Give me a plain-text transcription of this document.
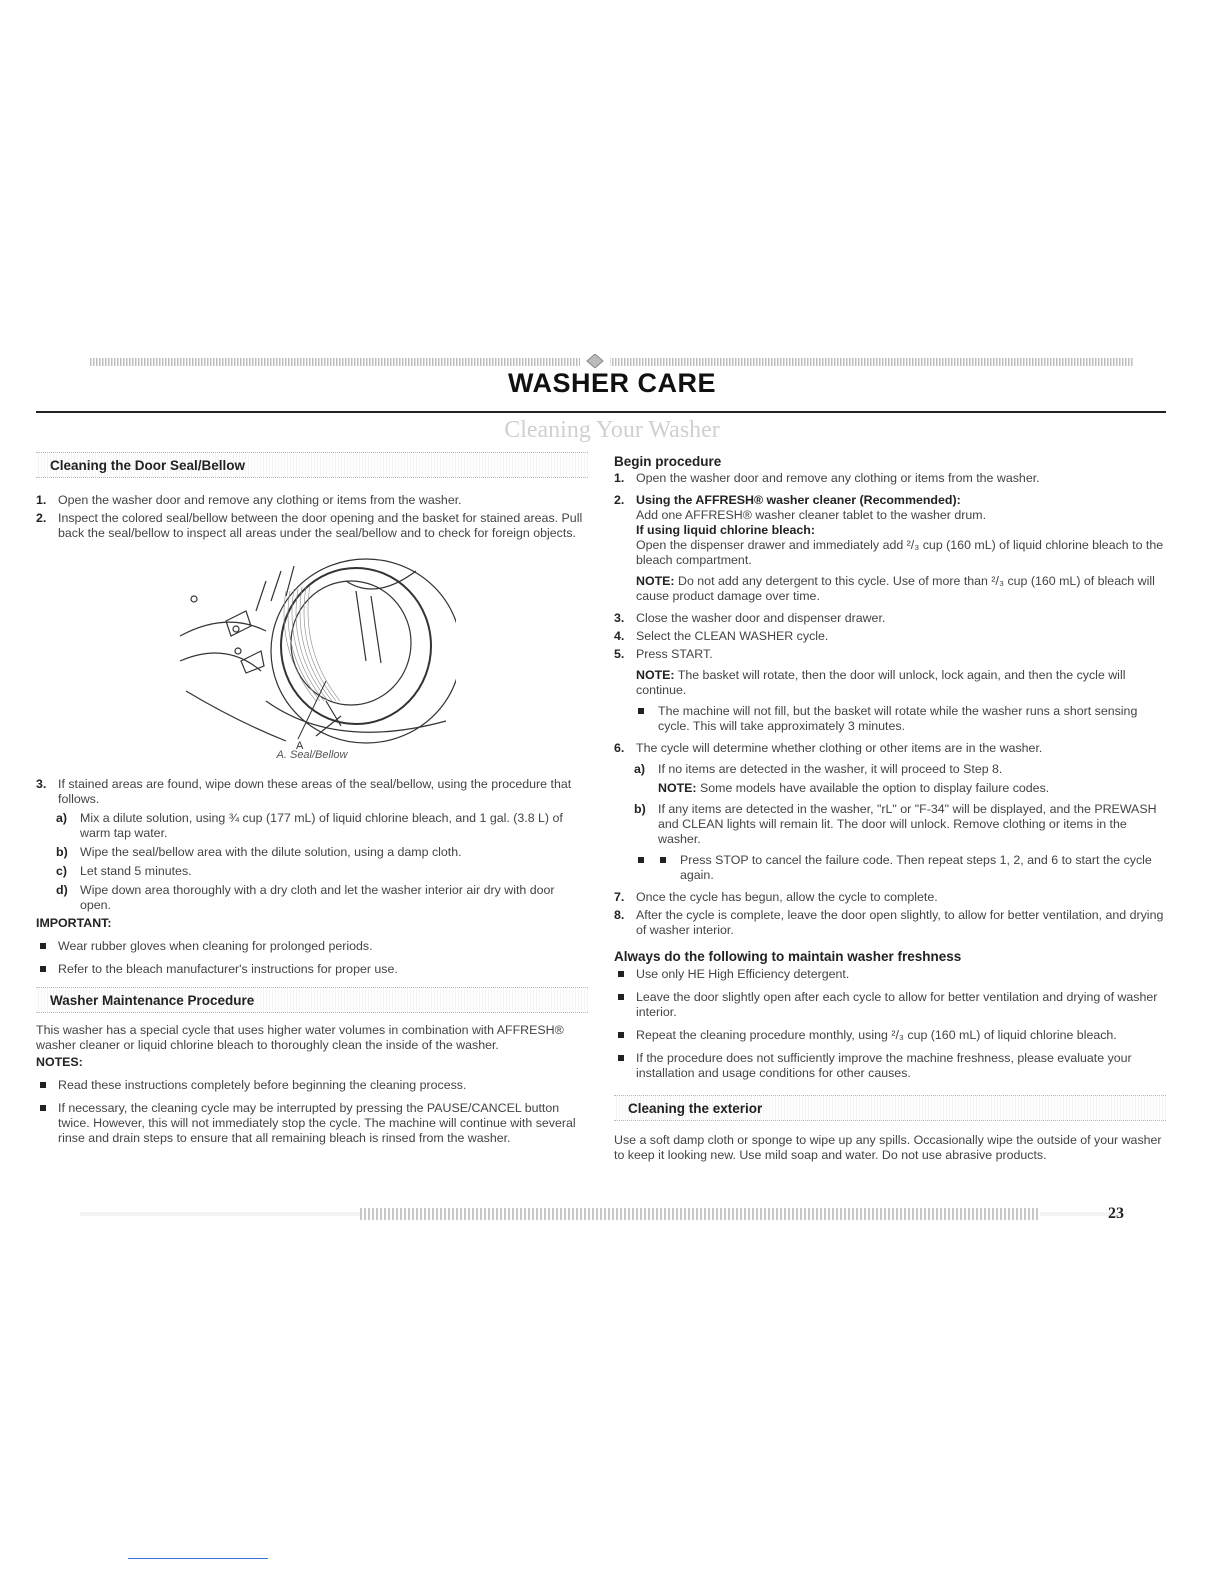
WASHER CARE
Cleaning Your Washer
Cleaning the Door Seal/Bellow
1. Open the washer door and remove any clothing or items from the washer.

2. Inspect the colored seal/bellow between the door opening and the basket for stained areas. Pull back the seal/bellow to inspect all areas under the seal/bellow and to check for foreign objects.

A
A. Seal/Bellow
3. If stained areas are found, wipe down these areas of the seal/bellow, using the procedure that follows.

a) Mix a dilute solution, using ¾ cup (177 mL) of liquid chlorine bleach, and 1 gal. (3.8 L) of warm tap water.

b) Wipe the seal/bellow area with the dilute solution, using a damp cloth.

c) Let stand 5 minutes.

d) Wipe down area thoroughly with a dry cloth and let the washer interior air dry with door open.

IMPORTANT:
Wear rubber gloves when cleaning for prolonged periods.
Refer to the bleach manufacturer's instructions for proper use.
Washer Maintenance Procedure

This washer has a special cycle that uses higher water volumes in combination with AFFRESH® washer cleaner or liquid chlorine bleach to thoroughly clean the inside of the washer.

NOTES:
Read these instructions completely before beginning the cleaning process.
If necessary, the cleaning cycle may be interrupted by pressing the PAUSE/CANCEL button twice. However, this will not immediately stop the cycle. The machine will continue with several rinse and drain steps to ensure that all remaining bleach is rinsed from the washer.
Begin procedure
1. Open the washer door and remove any clothing or items from the washer.

2. Using the AFFRESH® washer cleaner (Recommended):

Add one AFFRESH® washer cleaner tablet to the washer drum.

If using liquid chlorine bleach:

Open the dispenser drawer and immediately add ²/₃ cup (160 mL) of liquid chlorine bleach to the bleach compartment.

NOTE: Do not add any detergent to this cycle. Use of more than ²/₃ cup (160 mL) of bleach will cause product damage over time.

3. Close the washer door and dispenser drawer.

4. Select the CLEAN WASHER cycle.

5. Press START.

NOTE: The basket will rotate, then the door will unlock, lock again, and then the cycle will continue.

The machine will not fill, but the basket will rotate while the washer runs a short sensing cycle. This will take approximately 3 minutes.
6. The cycle will determine whether clothing or other items are in the washer.

a) If no items are detected in the washer, it will proceed to Step 8.

NOTE: Some models have available the option to display failure codes.

b) If any items are detected in the washer, "rL" or "F-34" will be displayed, and the PREWASH and CLEAN lights will remain lit. The door will unlock. Remove clothing or items in the washer.

Press STOP to cancel the failure code. Then repeat steps 1, 2, and 6 to start the cycle again.

7. Once the cycle has begun, allow the cycle to complete.

8. After the cycle is complete, leave the door open slightly, to allow for better ventilation, and drying of washer interior.

Always do the following to maintain washer freshness
Use only HE High Efficiency detergent.
Leave the door slightly open after each cycle to allow for better ventilation and drying of washer interior.
Repeat the cleaning procedure monthly, using ²/₃ cup (160 mL) of liquid chlorine bleach.
If the procedure does not sufficiently improve the machine freshness, please evaluate your installation and usage conditions for other causes.
Cleaning the exterior

Use a soft damp cloth or sponge to wipe up any spills. Occasionally wipe the outside of your washer to keep it looking new. Use mild soap and water. Do not use abrasive products.

23
